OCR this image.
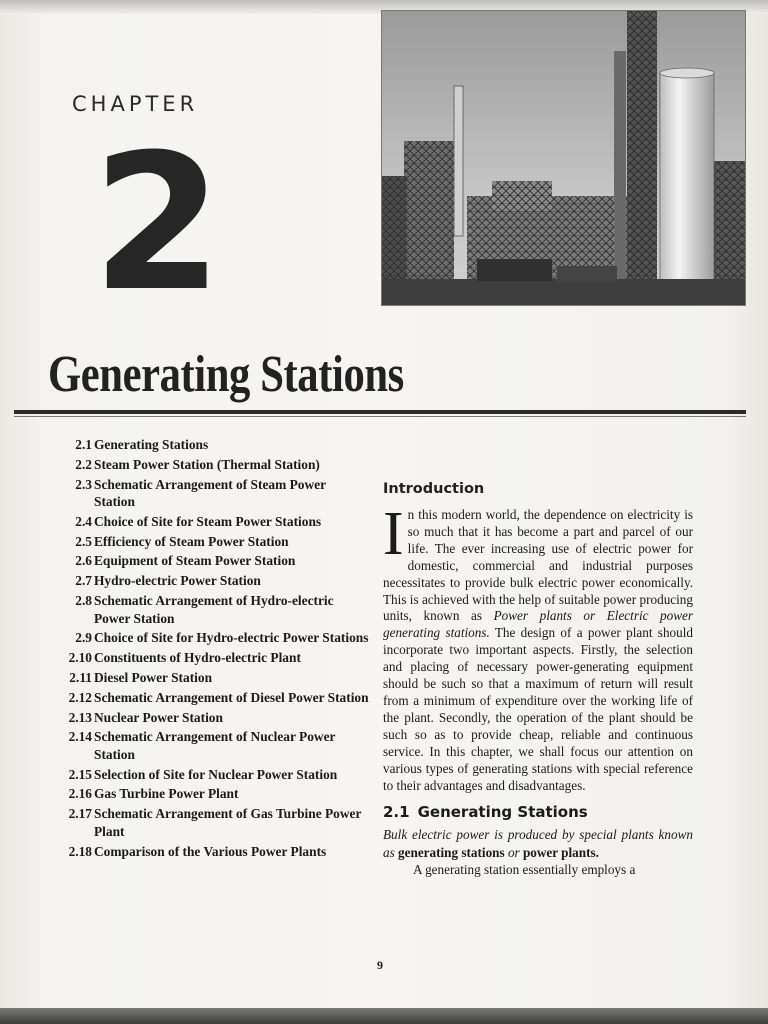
CHAPTER
2
Generating Stations
2.1 Generating Stations
2.2 Steam Power Station (Thermal Station)
2.3 Schematic Arrangement of Steam Power Station
2.4 Choice of Site for Steam Power Stations
2.5 Efficiency of Steam Power Station
2.6 Equipment of Steam Power Station
2.7 Hydro-electric Power Station
2.8 Schematic Arrangement of Hydro-electric Power Station
2.9 Choice of Site for Hydro-electric Power Stations
2.10 Constituents of Hydro-electric Plant
2.11 Diesel Power Station
2.12 Schematic Arrangement of Diesel Power Station
2.13 Nuclear Power Station
2.14 Schematic Arrangement of Nuclear Power Station
2.15 Selection of Site for Nuclear Power Station
2.16 Gas Turbine Power Plant
2.17 Schematic Arrangement of Gas Turbine Power Plant
2.18 Comparison of the Various Power Plants
Introduction

In this modern world, the dependence on electricity is so much that it has become a part and parcel of our life. The ever increasing use of electric power for domestic, commercial and industrial purposes necessitates to provide bulk electric power economically. This is achieved with the help of suitable power producing units, known as Power plants or Electric power generating stations. The design of a power plant should incorporate two important aspects. Firstly, the selection and placing of necessary power-generating equipment should be such so that a maximum of return will result from a minimum of expenditure over the working life of the plant. Secondly, the operation of the plant should be such so as to provide cheap, reliable and continuous service. In this chapter, we shall focus our attention on various types of generating stations with special reference to their advantages and disadvantages.

2.1 Generating Stations

Bulk electric power is produced by special plants known as generating stations or power plants.

A generating station essentially employs a

9
